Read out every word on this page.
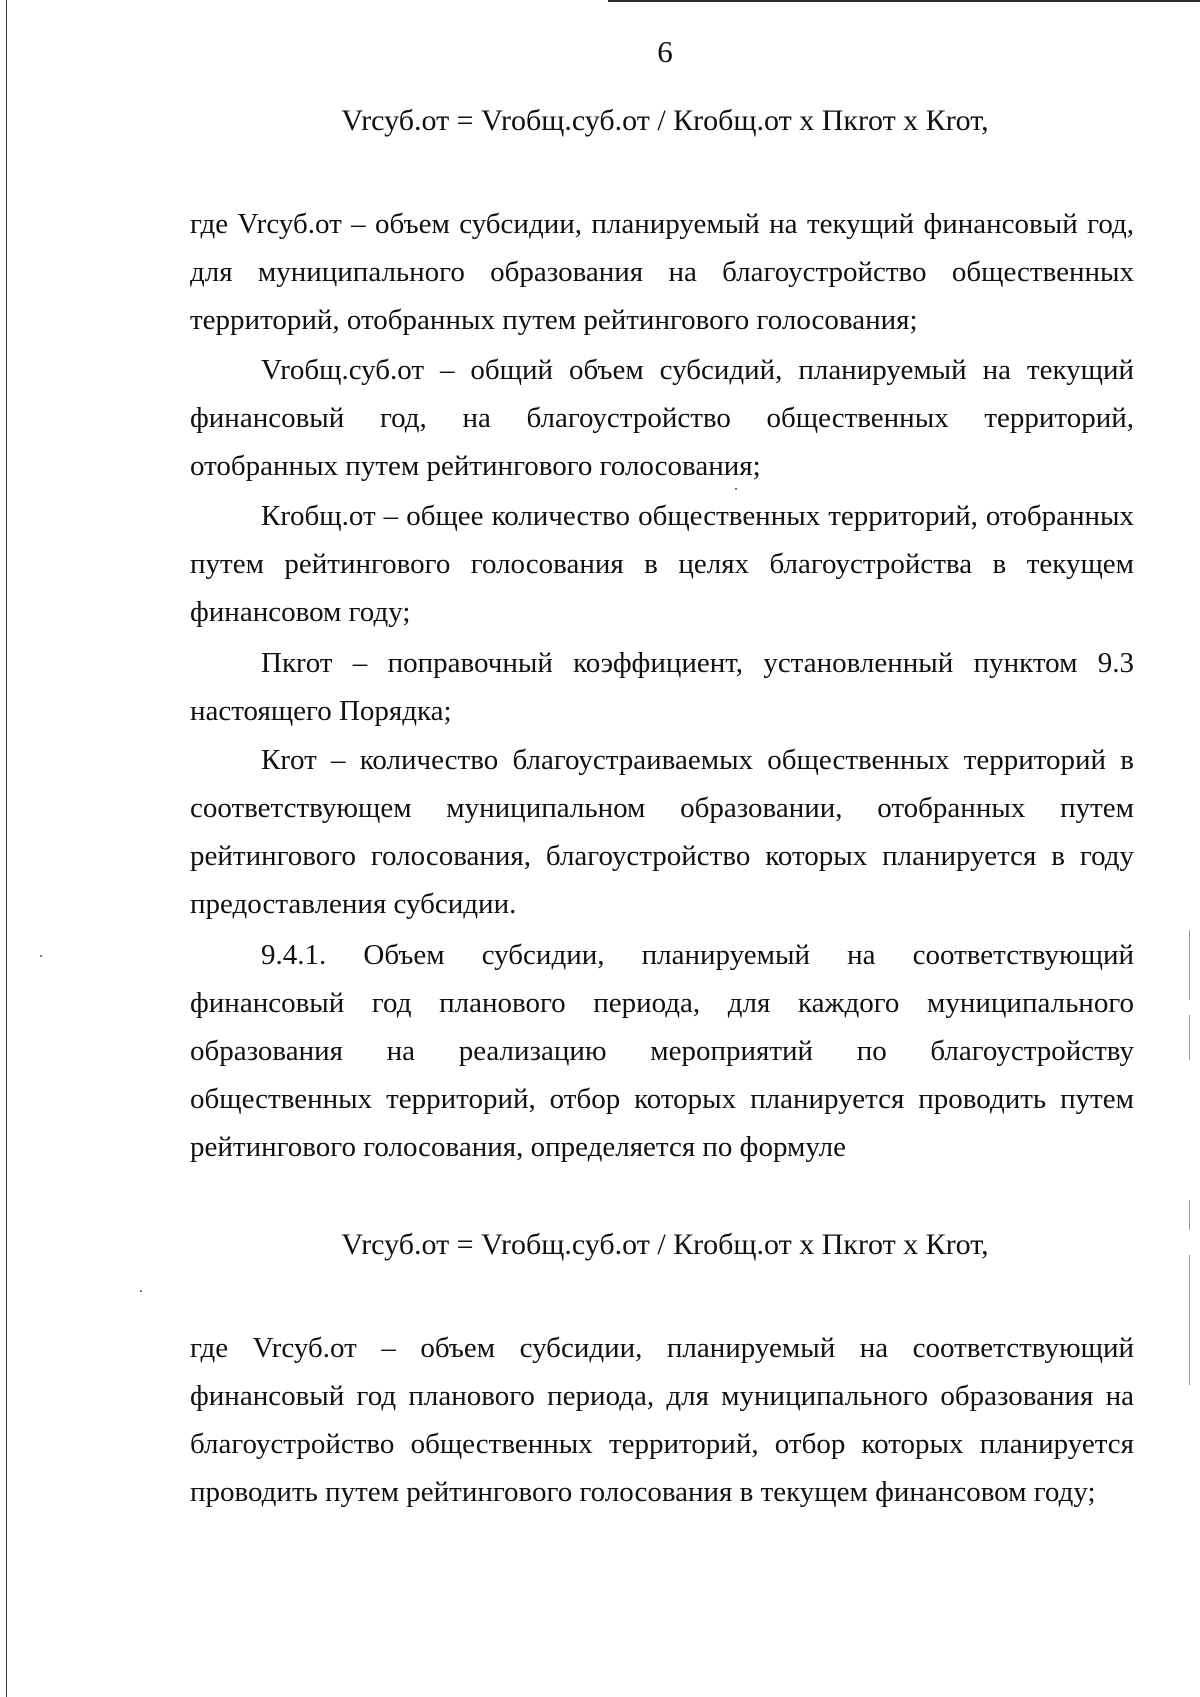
6
Vrсуб.от = Vrобщ.суб.от / Кrобщ.от х Пкrот х Кrот,

где Vrсуб.от – объем субсидии, планируемый на текущий финансовый год, для муниципального образования на благоустройство общественных территорий, отобранных путем рейтингового голосования;

Vrобщ.суб.от – общий объем субсидий, планируемый на текущий финансовый год, на благоустройство общественных территорий, отобранных путем рейтингового голосования;

Кrобщ.от – общее количество общественных территорий, отобранных путем рейтингового голосования в целях благоустройства в текущем финансовом году;

Пкrот – поправочный коэффициент, установленный пунктом 9.3 настоящего Порядка;

Кrот – количество благоустраиваемых общественных территорий в соответствующем муниципальном образовании, отобранных путем рейтингового голосования, благоустройство которых планируется в году предоставления субсидии.

9.4.1. Объем субсидии, планируемый на соответствующий финансовый год планового периода, для каждого муниципального образования на реализацию мероприятий по благоустройству общественных территорий, отбор которых планируется проводить путем рейтингового голосования, определяется по формуле

Vrсуб.от = Vrобщ.суб.от / Кrобщ.от х Пкrот х Кrот,

где Vrсуб.от – объем субсидии, планируемый на соответствующий финансовый год планового периода, для муниципального образования на благоустройство общественных территорий, отбор которых планируется проводить путем рейтингового голосования в текущем финансовом году;
